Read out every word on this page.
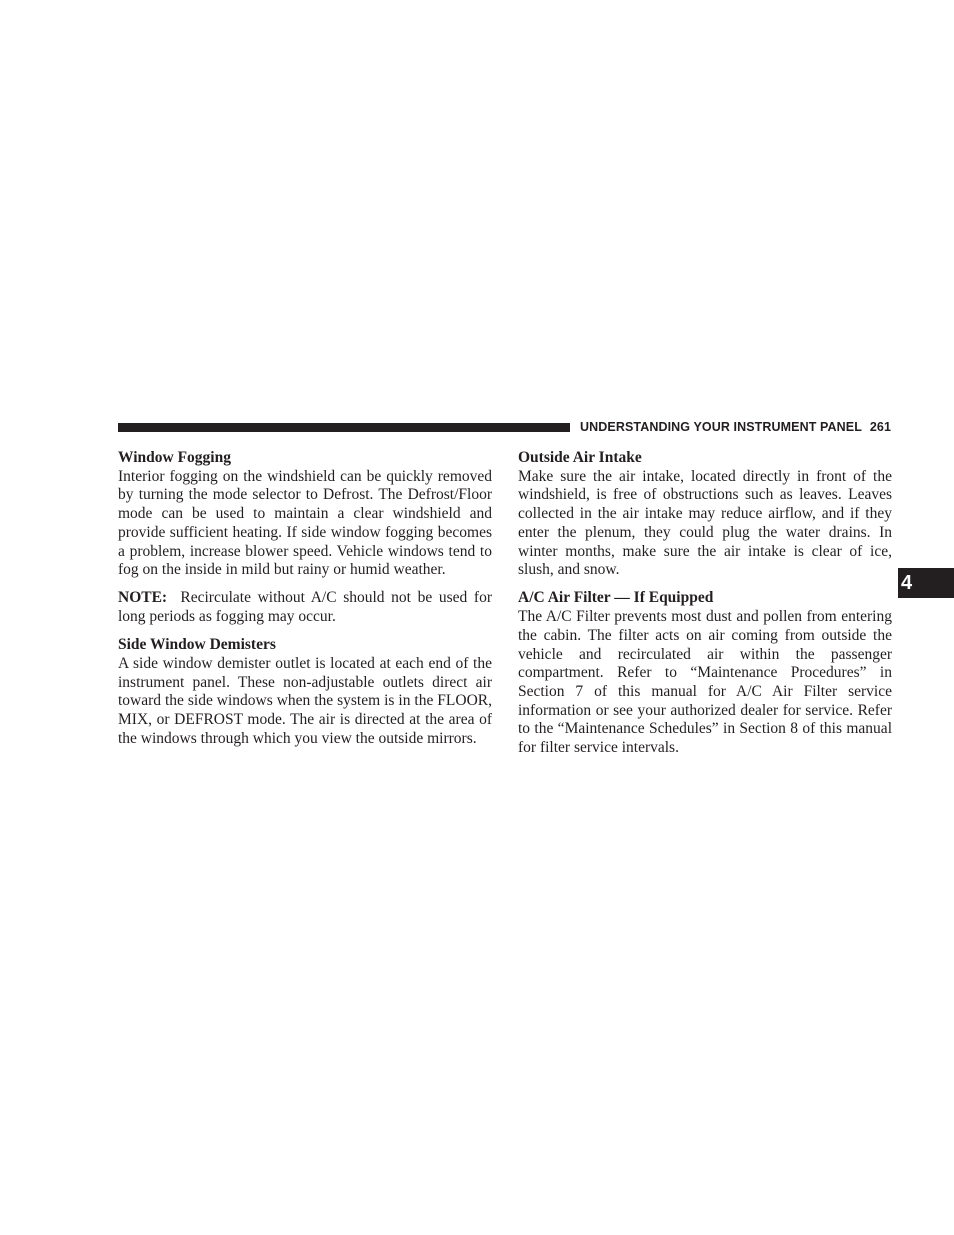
UNDERSTANDING YOUR INSTRUMENT PANEL 261
4
Window Fogging

Interior fogging on the windshield can be quickly removed by turning the mode selector to Defrost. The Defrost/Floor mode can be used to maintain a clear windshield and provide sufficient heating. If side window fogging becomes a problem, increase blower speed. Vehicle windows tend to fog on the inside in mild but rainy or humid weather.

NOTE: Recirculate without A/C should not be used for long periods as fogging may occur.

Side Window Demisters

A side window demister outlet is located at each end of the instrument panel. These non-adjustable outlets direct air toward the side windows when the system is in the FLOOR, MIX, or DEFROST mode. The air is directed at the area of the windows through which you view the outside mirrors.

Outside Air Intake

Make sure the air intake, located directly in front of the windshield, is free of obstructions such as leaves. Leaves collected in the air intake may reduce airflow, and if they enter the plenum, they could plug the water drains. In winter months, make sure the air intake is clear of ice, slush, and snow.

A/C Air Filter — If Equipped

The A/C Filter prevents most dust and pollen from entering the cabin. The filter acts on air coming from outside the vehicle and recirculated air within the passenger compartment. Refer to “Maintenance Procedures” in Section 7 of this manual for A/C Air Filter service information or see your authorized dealer for service. Refer to the “Maintenance Schedules” in Section 8 of this manual for filter service intervals.
